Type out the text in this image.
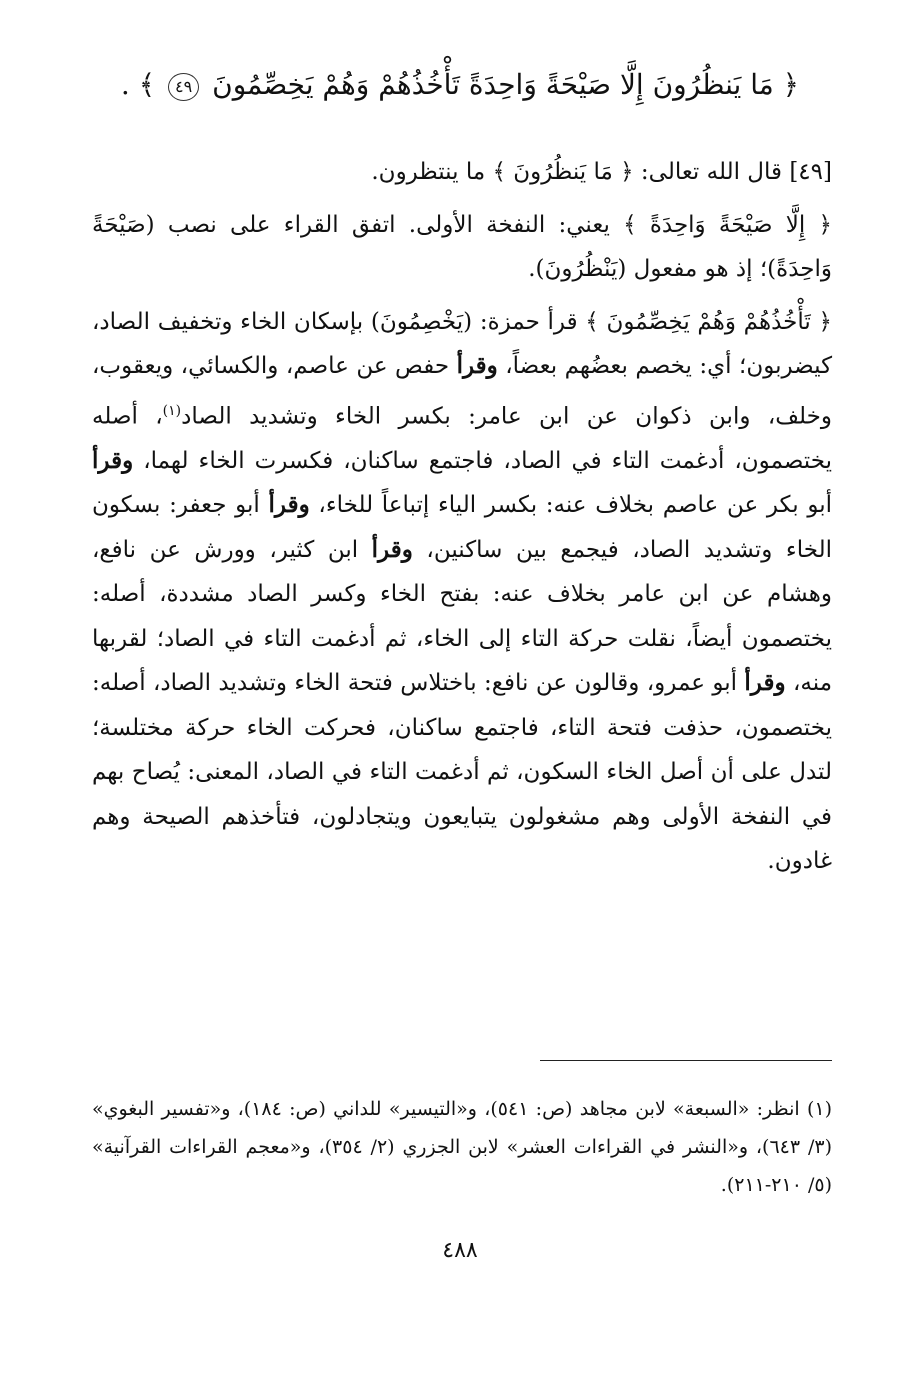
﴿ مَا يَنظُرُونَ إِلَّا صَيْحَةً وَاحِدَةً تَأْخُذُهُمْ وَهُمْ يَخِصِّمُونَ ٤٩ ﴾ .

[٤٩] قال الله تعالى: ﴿ مَا يَنظُرُونَ ﴾ ما ينتظرون.

﴿ إِلَّا صَيْحَةً وَاحِدَةً ﴾ يعني: النفخة الأولى. اتفق القراء على نصب (صَيْحَةً وَاحِدَةً)؛ إذ هو مفعول (يَنْظُرُونَ).

﴿ تَأْخُذُهُمْ وَهُمْ يَخِصِّمُونَ ﴾ قرأ حمزة: (يَخْصِمُونَ) بإسكان الخاء وتخفيف الصاد، كيضربون؛ أي: يخصم بعضُهم بعضاً، وقرأ حفص عن عاصم، والكسائي، ويعقوب، وخلف، وابن ذكوان عن ابن عامر: بكسر الخاء وتشديد الصاد$^{(١)}$، أصله يختصمون، أدغمت التاء في الصاد، فاجتمع ساكنان، فكسرت الخاء لهما، وقرأ أبو بكر عن عاصم بخلاف عنه: بكسر الياء إتباعاً للخاء، وقرأ أبو جعفر: بسكون الخاء وتشديد الصاد، فيجمع بين ساكنين، وقرأ ابن كثير، وورش عن نافع، وهشام عن ابن عامر بخلاف عنه: بفتح الخاء وكسر الصاد مشددة، أصله: يختصمون أيضاً، نقلت حركة التاء إلى الخاء، ثم أدغمت التاء في الصاد؛ لقربها منه، وقرأ أبو عمرو، وقالون عن نافع: باختلاس فتحة الخاء وتشديد الصاد، أصله: يختصمون، حذفت فتحة التاء، فاجتمع ساكنان، فحركت الخاء حركة مختلسة؛ لتدل على أن أصل الخاء السكون، ثم أدغمت التاء في الصاد، المعنى: يُصاح بهم في النفخة الأولى وهم مشغولون يتبايعون ويتجادلون، فتأخذهم الصيحة وهم غادون.

(١) انظر: «السبعة» لابن مجاهد (ص: ٥٤١)، و«التيسير» للداني (ص: ١٨٤)، و«تفسير البغوي» (٣/ ٦٤٣)، و«النشر في القراءات العشر» لابن الجزري (٢/ ٣٥٤)، و«معجم القراءات القرآنية» (٥/ ٢١٠-٢١١).
٤٨٨
